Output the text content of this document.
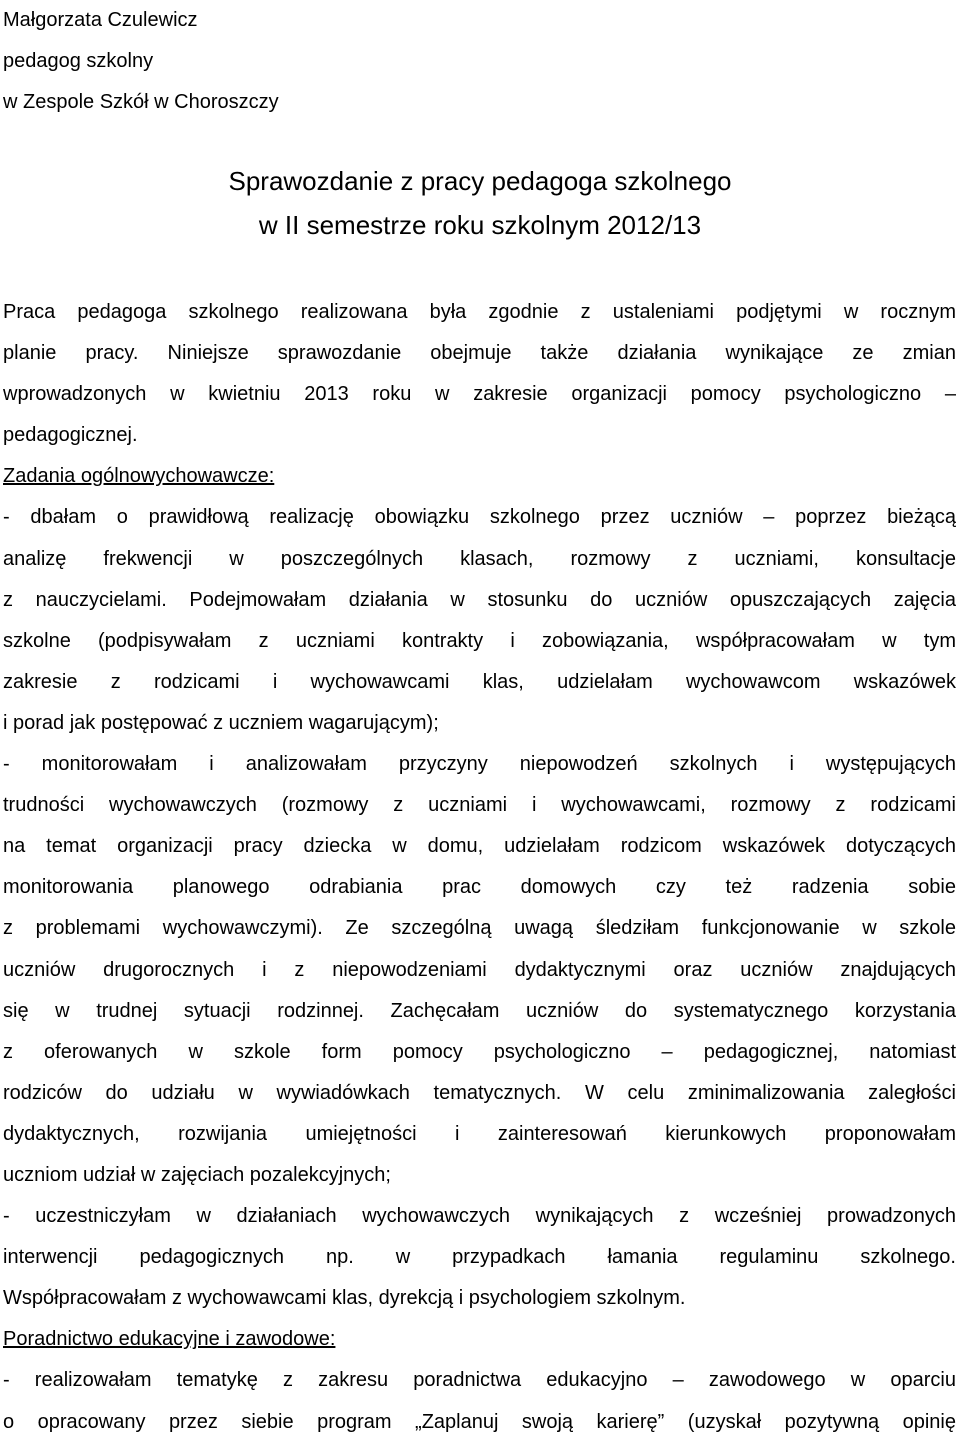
Małgorzata Czulewicz
pedagog szkolny
w Zespole Szkół w Choroszczy
Sprawozdanie z pracy pedagoga szkolnego
w II semestrze roku szkolnym 2012/13
Praca pedagoga szkolnego realizowana była zgodnie z ustaleniami podjętymi w rocznym
planie pracy. Niniejsze sprawozdanie obejmuje także działania wynikające ze zmian
wprowadzonych w kwietniu 2013 roku w zakresie organizacji pomocy psychologiczno –
pedagogicznej.
Zadania ogólnowychowawcze:
- dbałam o prawidłową realizację obowiązku szkolnego przez uczniów – poprzez bieżącą
analizę frekwencji w poszczególnych klasach, rozmowy z uczniami, konsultacje
z nauczycielami. Podejmowałam działania w stosunku do uczniów opuszczających zajęcia
szkolne (podpisywałam z uczniami kontrakty i zobowiązania, współpracowałam w tym
zakresie z rodzicami i wychowawcami klas, udzielałam wychowawcom wskazówek
i porad jak postępować z uczniem wagarującym);
- monitorowałam i analizowałam przyczyny niepowodzeń szkolnych i występujących
trudności wychowawczych (rozmowy z uczniami i wychowawcami, rozmowy z rodzicami
na temat organizacji pracy dziecka w domu, udzielałam rodzicom wskazówek dotyczących
monitorowania planowego odrabiania prac domowych czy też radzenia sobie
z problemami wychowawczymi). Ze szczególną uwagą śledziłam funkcjonowanie w szkole
uczniów drugorocznych i z niepowodzeniami dydaktycznymi oraz uczniów znajdujących
się w trudnej sytuacji rodzinnej. Zachęcałam uczniów do systematycznego korzystania
z oferowanych w szkole form pomocy psychologiczno – pedagogicznej, natomiast
rodziców do udziału w wywiadówkach tematycznych. W celu zminimalizowania zaległości
dydaktycznych, rozwijania umiejętności i zainteresowań kierunkowych proponowałam
uczniom udział w zajęciach pozalekcyjnych;
- uczestniczyłam w działaniach wychowawczych wynikających z wcześniej prowadzonych
interwencji pedagogicznych np. w przypadkach łamania regulaminu szkolnego.
Współpracowałam z wychowawcami klas, dyrekcją i psychologiem szkolnym.
Poradnictwo edukacyjne i zawodowe:
- realizowałam tematykę z zakresu poradnictwa edukacyjno – zawodowego w oparciu
o opracowany przez siebie program „Zaplanuj swoją karierę” (uzyskał pozytywną opinię
